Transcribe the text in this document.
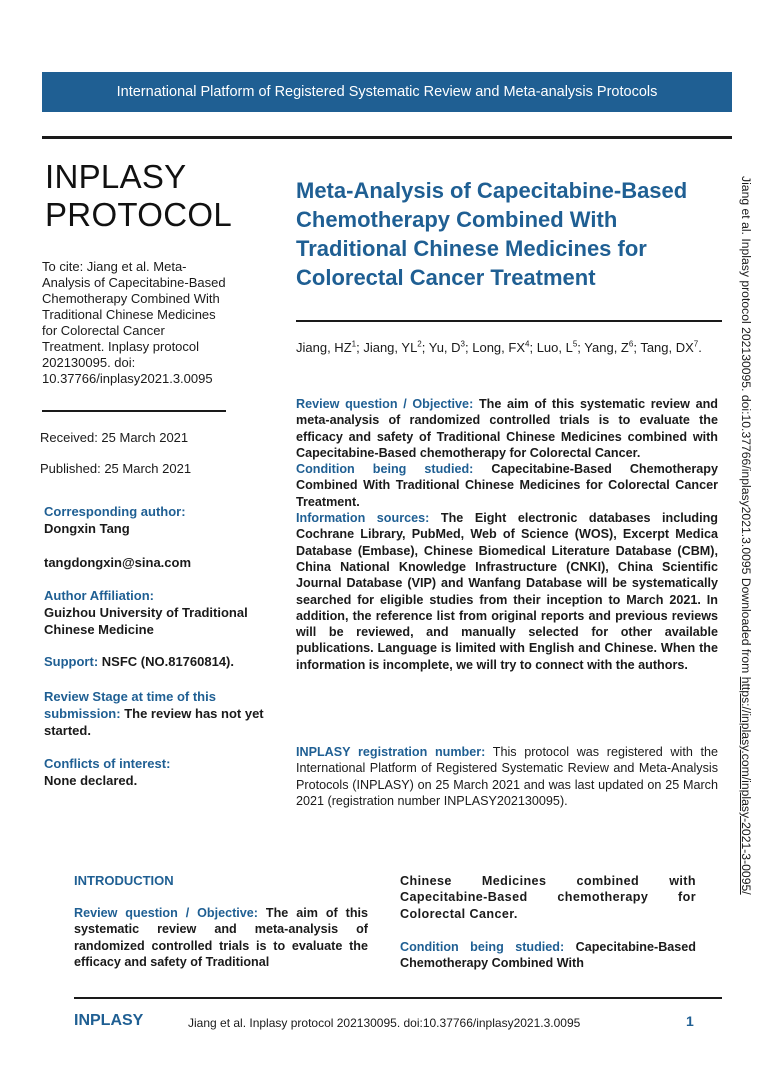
International Platform of Registered Systematic Review and Meta-analysis Protocols
INPLASY
PROTOCOL
To cite: Jiang et al. Meta-Analysis of Capecitabine-Based Chemotherapy Combined With Traditional Chinese Medicines for Colorectal Cancer Treatment. Inplasy protocol 202130095. doi: 10.37766/inplasy2021.3.0095
Received: 25 March 2021
Published: 25 March 2021
Corresponding author:
Dongxin Tang
tangdongxin@sina.com
Author Affiliation:
Guizhou University of Traditional Chinese Medicine
Support: NSFC (NO.81760814).
Review Stage at time of this submission: The review has not yet started.
Conflicts of interest:
None declared.
Meta-Analysis of Capecitabine-Based Chemotherapy Combined With Traditional Chinese Medicines for Colorectal Cancer Treatment
Jiang, $HZ^1$; Jiang, $YL^2$; Yu, $D^3$; Long, $FX^4$; Luo, $L^5$; Yang, $Z^6$; Tang, $DX^7$.

Review question / Objective: The aim of this systematic review and meta-analysis of randomized controlled trials is to evaluate the efficacy and safety of Traditional Chinese Medicines combined with Capecitabine-Based chemotherapy for Colorectal Cancer.

Condition being studied: Capecitabine-Based Chemotherapy Combined With Traditional Chinese Medicines for Colorectal Cancer Treatment.

Information sources: The Eight electronic databases including Cochrane Library, PubMed, Web of Science (WOS), Excerpt Medica Database (Embase), Chinese Biomedical Literature Database (CBM), China National Knowledge Infrastructure (CNKI), China Scientific Journal Database (VIP) and Wanfang Database will be systematically searched for eligible studies from their inception to March 2021. In addition, the reference list from original reports and previous reviews will be reviewed, and manually selected for other available publications. Language is limited with English and Chinese. When the information is incomplete, we will try to connect with the authors.

INPLASY registration number: This protocol was registered with the International Platform of Registered Systematic Review and Meta-Analysis Protocols (INPLASY) on 25 March 2021 and was last updated on 25 March 2021 (registration number INPLASY202130095).
INTRODUCTION

Review question / Objective: The aim of this systematic review and meta-analysis of randomized controlled trials is to evaluate the efficacy and safety of Traditional

Chinese Medicines combined with Capecitabine-Based chemotherapy for Colorectal Cancer.

Condition being studied: Capecitabine-Based Chemotherapy Combined With

INPLASY	Jiang et al. Inplasy protocol 202130095. doi:10.37766/inplasy2021.3.0095	1
Jiang et al. Inplasy protocol 202130095. doi:10.37766/inplasy2021.3.0095 Downloaded from https://inplasy.com/inplasy-2021-3-0095/
